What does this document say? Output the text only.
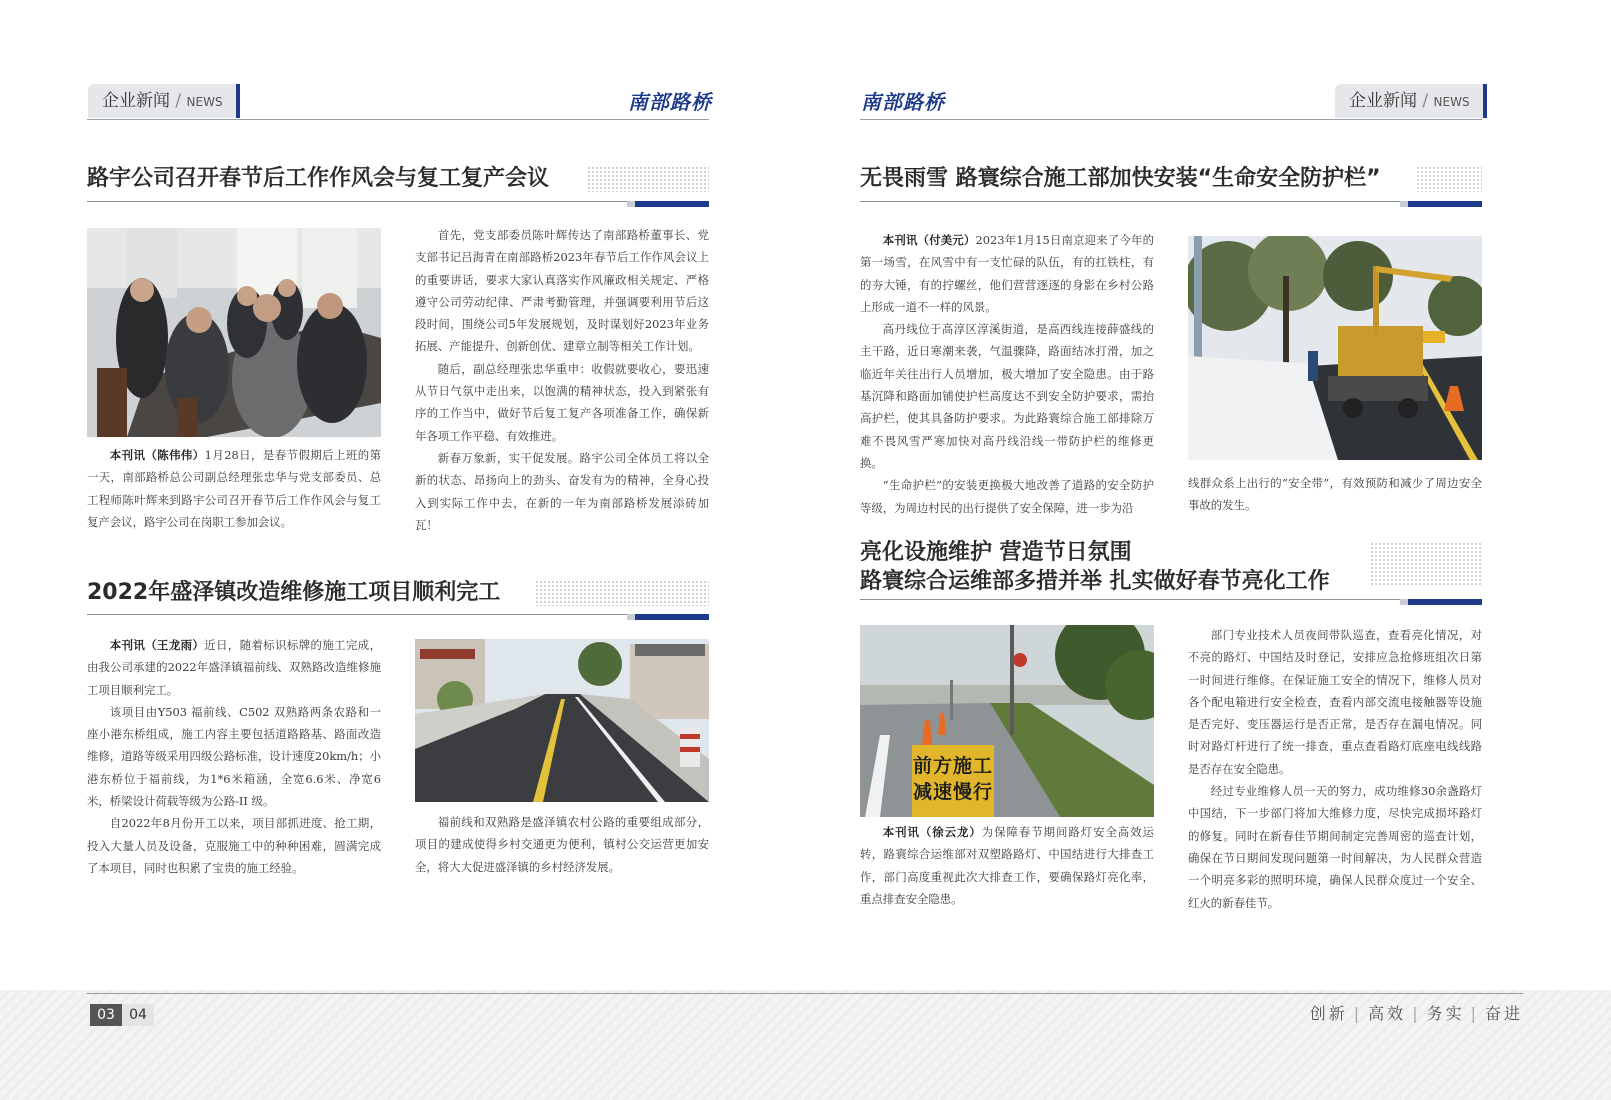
企业新闻 / NEWS	南部路桥
路宇公司召开春节后工作作风会与复工复产会议

本刊讯（陈伟伟）1月28日，是春节假期后上班的第一天，南部路桥总公司副总经理张忠华与党支部委员、总工程师陈叶辉来到路宇公司召开春节后工作作风会与复工复产会议，路宇公司在岗职工参加会议。

首先，党支部委员陈叶辉传达了南部路桥董事长、党支部书记吕海青在南部路桥2023年春节后工作作风会议上的重要讲话，要求大家认真落实作风廉政相关规定、严格遵守公司劳动纪律、严肃考勤管理，并强调要利用节后这段时间，围绕公司5年发展规划，及时谋划好2023年业务拓展、产能提升、创新创优、建章立制等相关工作计划。

随后，副总经理张忠华重申：收假就要收心，要迅速从节日气氛中走出来，以饱满的精神状态，投入到紧张有序的工作当中，做好节后复工复产各项准备工作，确保新年各项工作平稳、有效推进。

新春万象新，实干促发展。路宇公司全体员工将以全新的状态、昂扬向上的劲头、奋发有为的精神，全身心投入到实际工作中去，在新的一年为南部路桥发展添砖加瓦！

2022年盛泽镇改造维修施工项目顺利完工

本刊讯（王龙雨）近日，随着标识标牌的施工完成，由我公司承建的2022年盛泽镇福前线、双熟路改造维修施工项目顺利完工。

该项目由Y503 福前线、C502 双熟路两条农路和一座小港东桥组成，施工内容主要包括道路路基、路面改造维修，道路等级采用四级公路标准，设计速度20km/h；小港东桥位于福前线，为1*6米箱涵，全宽6.6米、净宽6米，桥梁设计荷载等级为公路-II 级。

自2022年8月份开工以来，项目部抓进度、抢工期，投入大量人员及设备，克服施工中的种种困难，圆满完成了本项目，同时也积累了宝贵的施工经验。

福前线和双熟路是盛泽镇农村公路的重要组成部分，项目的建成使得乡村交通更为便利，镇村公交运营更加安全，将大大促进盛泽镇的乡村经济发展。

南部路桥	企业新闻 / NEWS
无畏雨雪 路寰综合施工部加快安装“生命安全防护栏”

本刊讯（付美元）2023年1月15日南京迎来了今年的第一场雪，在风雪中有一支忙碌的队伍，有的扛铁柱，有的夯大锤，有的拧螺丝，他们营营逐逐的身影在乡村公路上形成一道不一样的风景。

高丹线位于高淳区淳溪街道，是高西线连接薛盛线的主干路，近日寒潮来袭，气温骤降，路面结冰打滑，加之临近年关往出行人员增加，极大增加了安全隐患。由于路基沉降和路面加铺使护栏高度达不到安全防护要求，需抬高护栏，使其具备防护要求。为此路寰综合施工部排除万难不畏风雪严寒加快对高丹线沿线一带防护栏的维修更换。

“生命护栏”的安装更换极大地改善了道路的安全防护等级，为周边村民的出行提供了安全保障，进一步为沿

线群众系上出行的“安全带”，有效预防和减少了周边安全事故的发生。

亮化设施维护 营造节日氛围
路寰综合运维部多措并举 扎实做好春节亮化工作
前方施工
减速慢行

本刊讯（徐云龙）为保障春节期间路灯安全高效运转，路寰综合运维部对双塑路路灯、中国结进行大排查工作，部门高度重视此次大排查工作，要确保路灯亮化率，重点排查安全隐患。

部门专业技术人员夜间带队巡查，查看亮化情况，对不亮的路灯、中国结及时登记，安排应急抢修班组次日第一时间进行维修。在保证施工安全的情况下，维修人员对各个配电箱进行安全检查，查看内部交流电接触器等设施是否完好、变压器运行是否正常，是否存在漏电情况。同时对路灯杆进行了统一排查，重点查看路灯底座电线线路是否存在安全隐患。

经过专业维修人员一天的努力，成功维修30余盏路灯中国结，下一步部门将加大维修力度，尽快完成损坏路灯的修复。同时在新春佳节期间制定完善周密的巡查计划，确保在节日期间发现问题第一时间解决，为人民群众营造一个明亮多彩的照明环境，确保人民群众度过一个安全、红火的新春佳节。

03	04	创新 | 高效 | 务实 | 奋进
